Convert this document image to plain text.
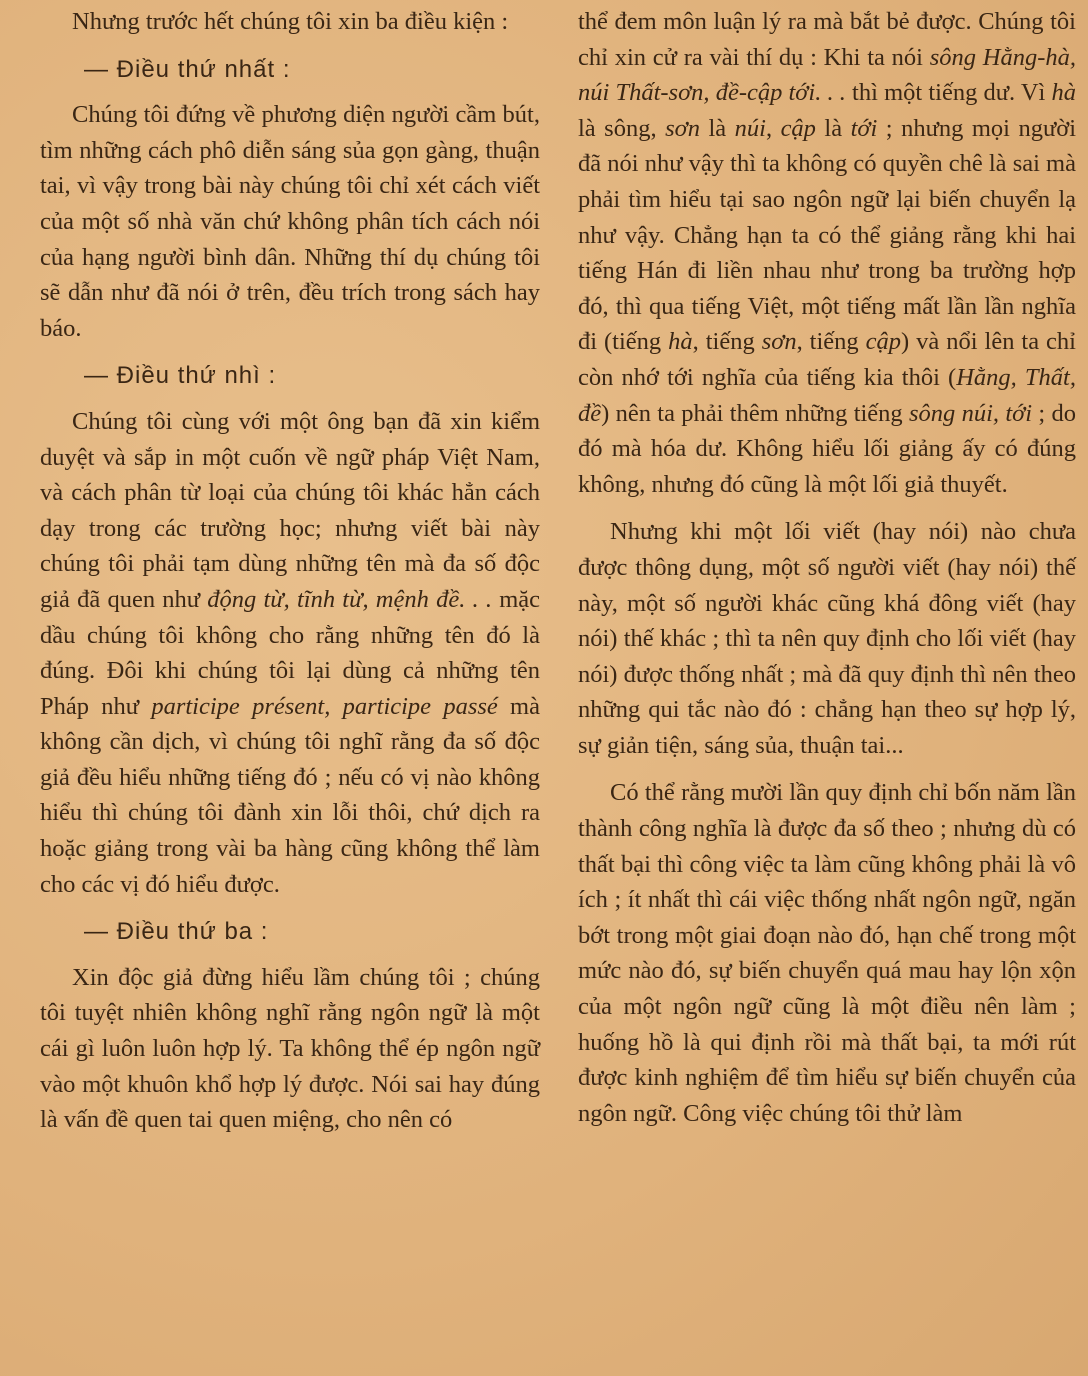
Nhưng trước hết chúng tôi xin ba điều kiện :

— Điều thứ nhất :

Chúng tôi đứng về phương diện người cầm bút, tìm những cách phô diễn sáng sủa gọn gàng, thuận tai, vì vậy trong bài này chúng tôi chỉ xét cách viết của một số nhà văn chứ không phân tích cách nói của hạng người bình dân. Những thí dụ chúng tôi sẽ dẫn như đã nói ở trên, đều trích trong sách hay báo.

— Điều thứ nhì :

Chúng tôi cùng với một ông bạn đã xin kiểm duyệt và sắp in một cuốn về ngữ pháp Việt Nam, và cách phân từ loại của chúng tôi khác hẳn cách dạy trong các trường học; nhưng viết bài này chúng tôi phải tạm dùng những tên mà đa số độc giả đã quen như động từ, tĩnh từ, mệnh đề. . . mặc dầu chúng tôi không cho rằng những tên đó là đúng. Đôi khi chúng tôi lại dùng cả những tên Pháp như participe présent, participe passé mà không cần dịch, vì chúng tôi nghĩ rằng đa số độc giả đều hiểu những tiếng đó ; nếu có vị nào không hiểu thì chúng tôi đành xin lỗi thôi, chứ dịch ra hoặc giảng trong vài ba hàng cũng không thể làm cho các vị đó hiểu được.

— Điều thứ ba :

Xin độc giả đừng hiểu lầm chúng tôi ; chúng tôi tuyệt nhiên không nghĩ rằng ngôn ngữ là một cái gì luôn luôn hợp lý. Ta không thể ép ngôn ngữ vào một khuôn khổ hợp lý được. Nói sai hay đúng là vấn đề quen tai quen miệng, cho nên có

thể đem môn luận lý ra mà bắt bẻ được. Chúng tôi chỉ xin cử ra vài thí dụ : Khi ta nói sông Hằng-hà, núi Thất-sơn, đề-cập tới. . . thì một tiếng dư. Vì hà là sông, sơn là núi, cập là tới ; nhưng mọi người đã nói như vậy thì ta không có quyền chê là sai mà phải tìm hiểu tại sao ngôn ngữ lại biến chuyển lạ như vậy. Chẳng hạn ta có thể giảng rằng khi hai tiếng Hán đi liền nhau như trong ba trường hợp đó, thì qua tiếng Việt, một tiếng mất lần lần nghĩa đi (tiếng hà, tiếng sơn, tiếng cập) và nổi lên ta chỉ còn nhớ tới nghĩa của tiếng kia thôi (Hằng, Thất, đề) nên ta phải thêm những tiếng sông núi, tới ; do đó mà hóa dư. Không hiểu lối giảng ấy có đúng không, nhưng đó cũng là một lối giả thuyết.

Nhưng khi một lối viết (hay nói) nào chưa được thông dụng, một số người viết (hay nói) thế này, một số người khác cũng khá đông viết (hay nói) thế khác ; thì ta nên quy định cho lối viết (hay nói) được thống nhất ; mà đã quy định thì nên theo những qui tắc nào đó : chẳng hạn theo sự hợp lý, sự giản tiện, sáng sủa, thuận tai...

Có thể rằng mười lần quy định chỉ bốn năm lần thành công nghĩa là được đa số theo ; nhưng dù có thất bại thì công việc ta làm cũng không phải là vô ích ; ít nhất thì cái việc thống nhất ngôn ngữ, ngăn bớt trong một giai đoạn nào đó, hạn chế trong một mức nào đó, sự biến chuyển quá mau hay lộn xộn của một ngôn ngữ cũng là một điều nên làm ; huống hồ là qui định rồi mà thất bại, ta mới rút được kinh nghiệm để tìm hiểu sự biến chuyển của ngôn ngữ. Công việc chúng tôi thử làm
